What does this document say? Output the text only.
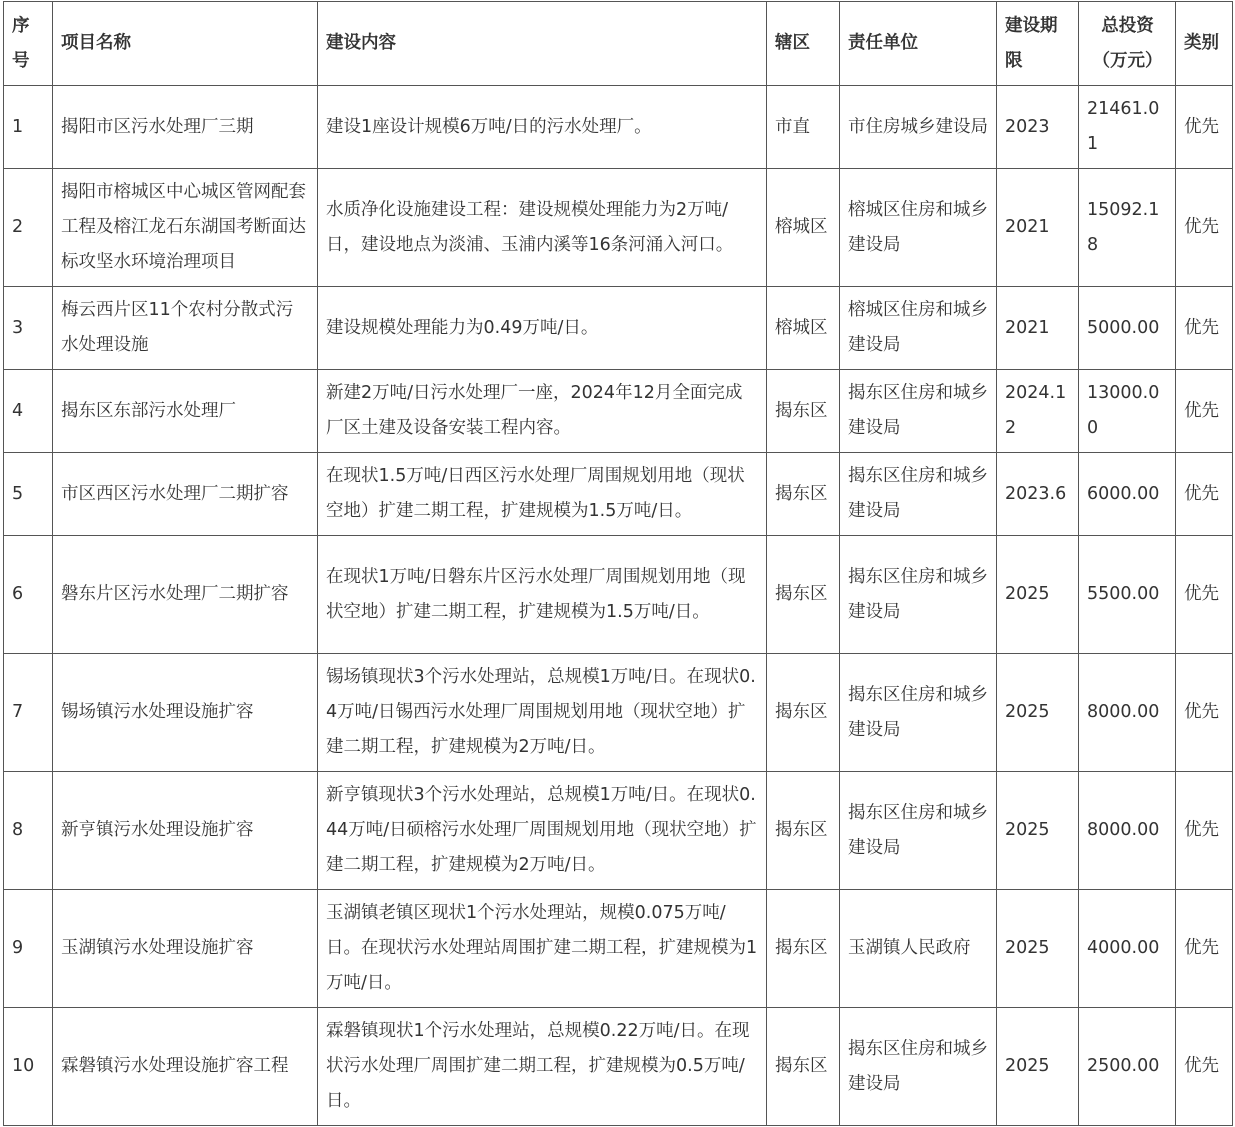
序号	项目名称	建设内容	辖区	责任单位	建设期限	总投资（万元）	类别
1	揭阳市区污水处理厂三期	建设1座设计规模6万吨/日的污水处理厂。	市直	市住房城乡建设局	2023	21461.01	优先
2	揭阳市榕城区中心城区管网配套工程及榕江龙石东湖国考断面达标攻坚水环境治理项目	水质净化设施建设工程：建设规模处理能力为2万吨/日，建设地点为淡浦、玉浦内溪等16条河涌入河口。	榕城区	榕城区住房和城乡建设局	2021	15092.18	优先
3	梅云西片区11个农村分散式污水处理设施	建设规模处理能力为0.49万吨/日。	榕城区	榕城区住房和城乡建设局	2021	5000.00	优先
4	揭东区东部污水处理厂	新建2万吨/日污水处理厂一座，2024年12月全面完成厂区土建及设备安装工程内容。	揭东区	揭东区住房和城乡建设局	2024.12	13000.00	优先
5	市区西区污水处理厂二期扩容	在现状1.5万吨/日西区污水处理厂周围规划用地（现状空地）扩建二期工程，扩建规模为1.5万吨/日。	揭东区	揭东区住房和城乡建设局	2023.6	6000.00	优先
6	磐东片区污水处理厂二期扩容	在现状1万吨/日磐东片区污水处理厂周围规划用地（现状空地）扩建二期工程，扩建规模为1.5万吨/日。	揭东区	揭东区住房和城乡建设局	2025	5500.00	优先
7	锡场镇污水处理设施扩容	锡场镇现状3个污水处理站，总规模1万吨/日。在现状0.4万吨/日锡西污水处理厂周围规划用地（现状空地）扩建二期工程，扩建规模为2万吨/日。	揭东区	揭东区住房和城乡建设局	2025	8000.00	优先
8	新亨镇污水处理设施扩容	新亨镇现状3个污水处理站，总规模1万吨/日。在现状0.44万吨/日硕榕污水处理厂周围规划用地（现状空地）扩建二期工程，扩建规模为2万吨/日。	揭东区	揭东区住房和城乡建设局	2025	8000.00	优先
9	玉湖镇污水处理设施扩容	玉湖镇老镇区现状1个污水处理站，规模0.075万吨/日。在现状污水处理站周围扩建二期工程，扩建规模为1万吨/日。	揭东区	玉湖镇人民政府	2025	4000.00	优先
10	霖磐镇污水处理设施扩容工程	霖磐镇现状1个污水处理站，总规模0.22万吨/日。在现状污水处理厂周围扩建二期工程，扩建规模为0.5万吨/日。	揭东区	揭东区住房和城乡建设局	2025	2500.00	优先
